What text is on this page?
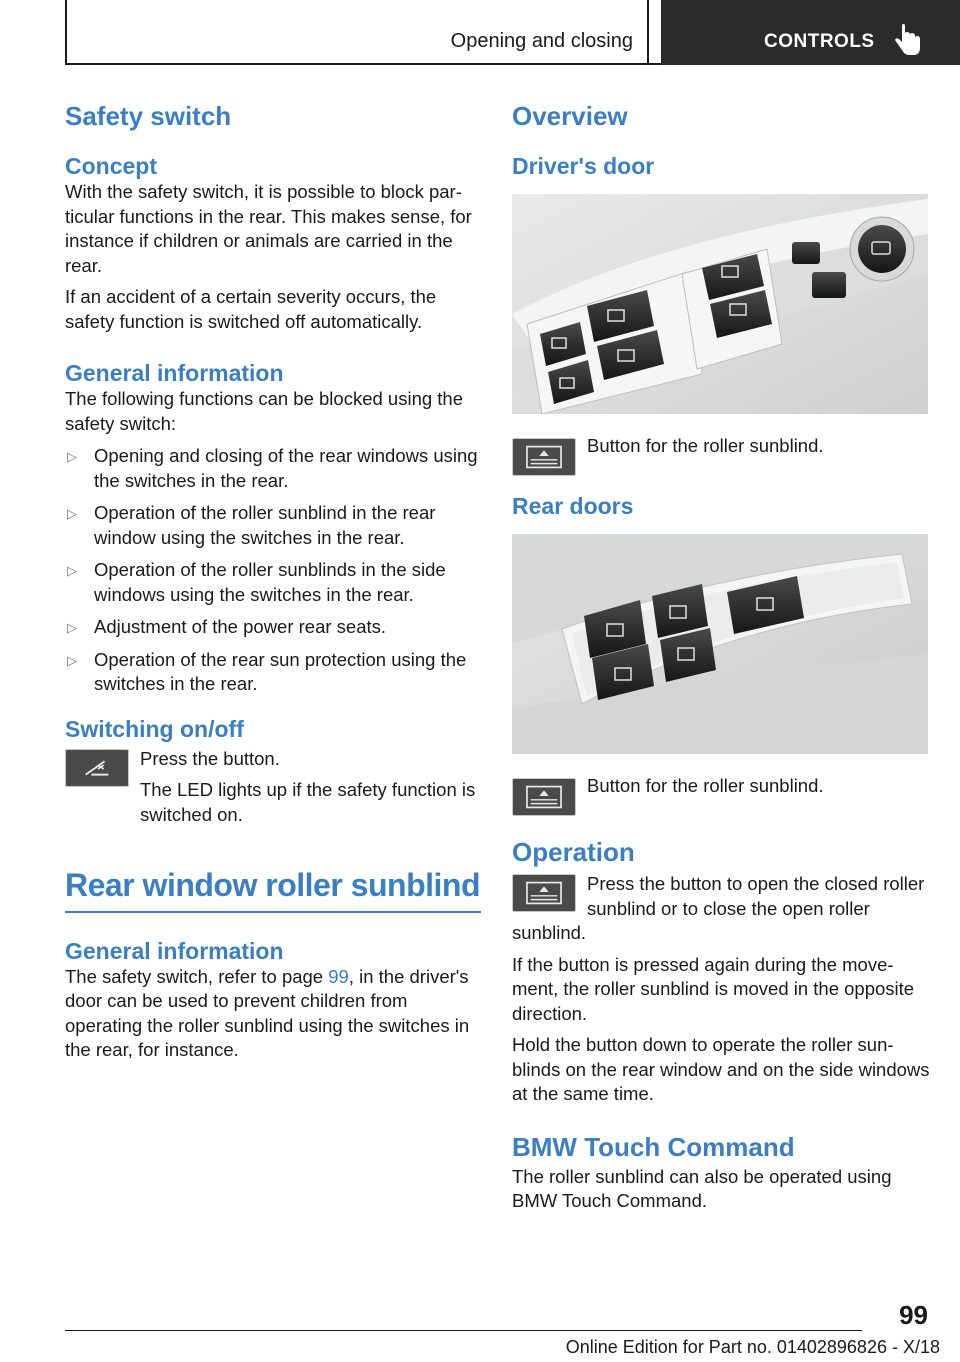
Opening and closing	CONTROLS
Safety switch
Concept

With the safety switch, it is possible to block particular functions in the rear. This makes sense, for instance if children or animals are carried in the rear.

If an accident of a certain severity occurs, the safety function is switched off automatically.

General information

The following functions can be blocked using the safety switch:

▷ Opening and closing of the rear windows using the switches in the rear.
▷ Operation of the roller sunblind in the rear window using the switches in the rear.
▷ Operation of the roller sunblinds in the side windows using the switches in the rear.
▷ Adjustment of the power rear seats.
▷ Operation of the rear sun protection using the switches in the rear.
Switching on/off

Press the button.

The LED lights up if the safety function is switched on.

Rear window roller sunblind
General information

The safety switch, refer to page 99, in the driver's door can be used to prevent children from operating the roller sunblind using the switches in the rear, for instance.

Overview
Driver's door

Button for the roller sunblind.

Rear doors

Button for the roller sunblind.

Operation

Press the button to open the closed roller sunblind or to close the open roller sunblind.

If the button is pressed again during the movement, the roller sunblind is moved in the opposite direction.

Hold the button down to operate the roller sunblinds on the rear window and on the side windows at the same time.

BMW Touch Command

The roller sunblind can also be operated using BMW Touch Command.

99
Online Edition for Part no. 01402896826 - X/18
